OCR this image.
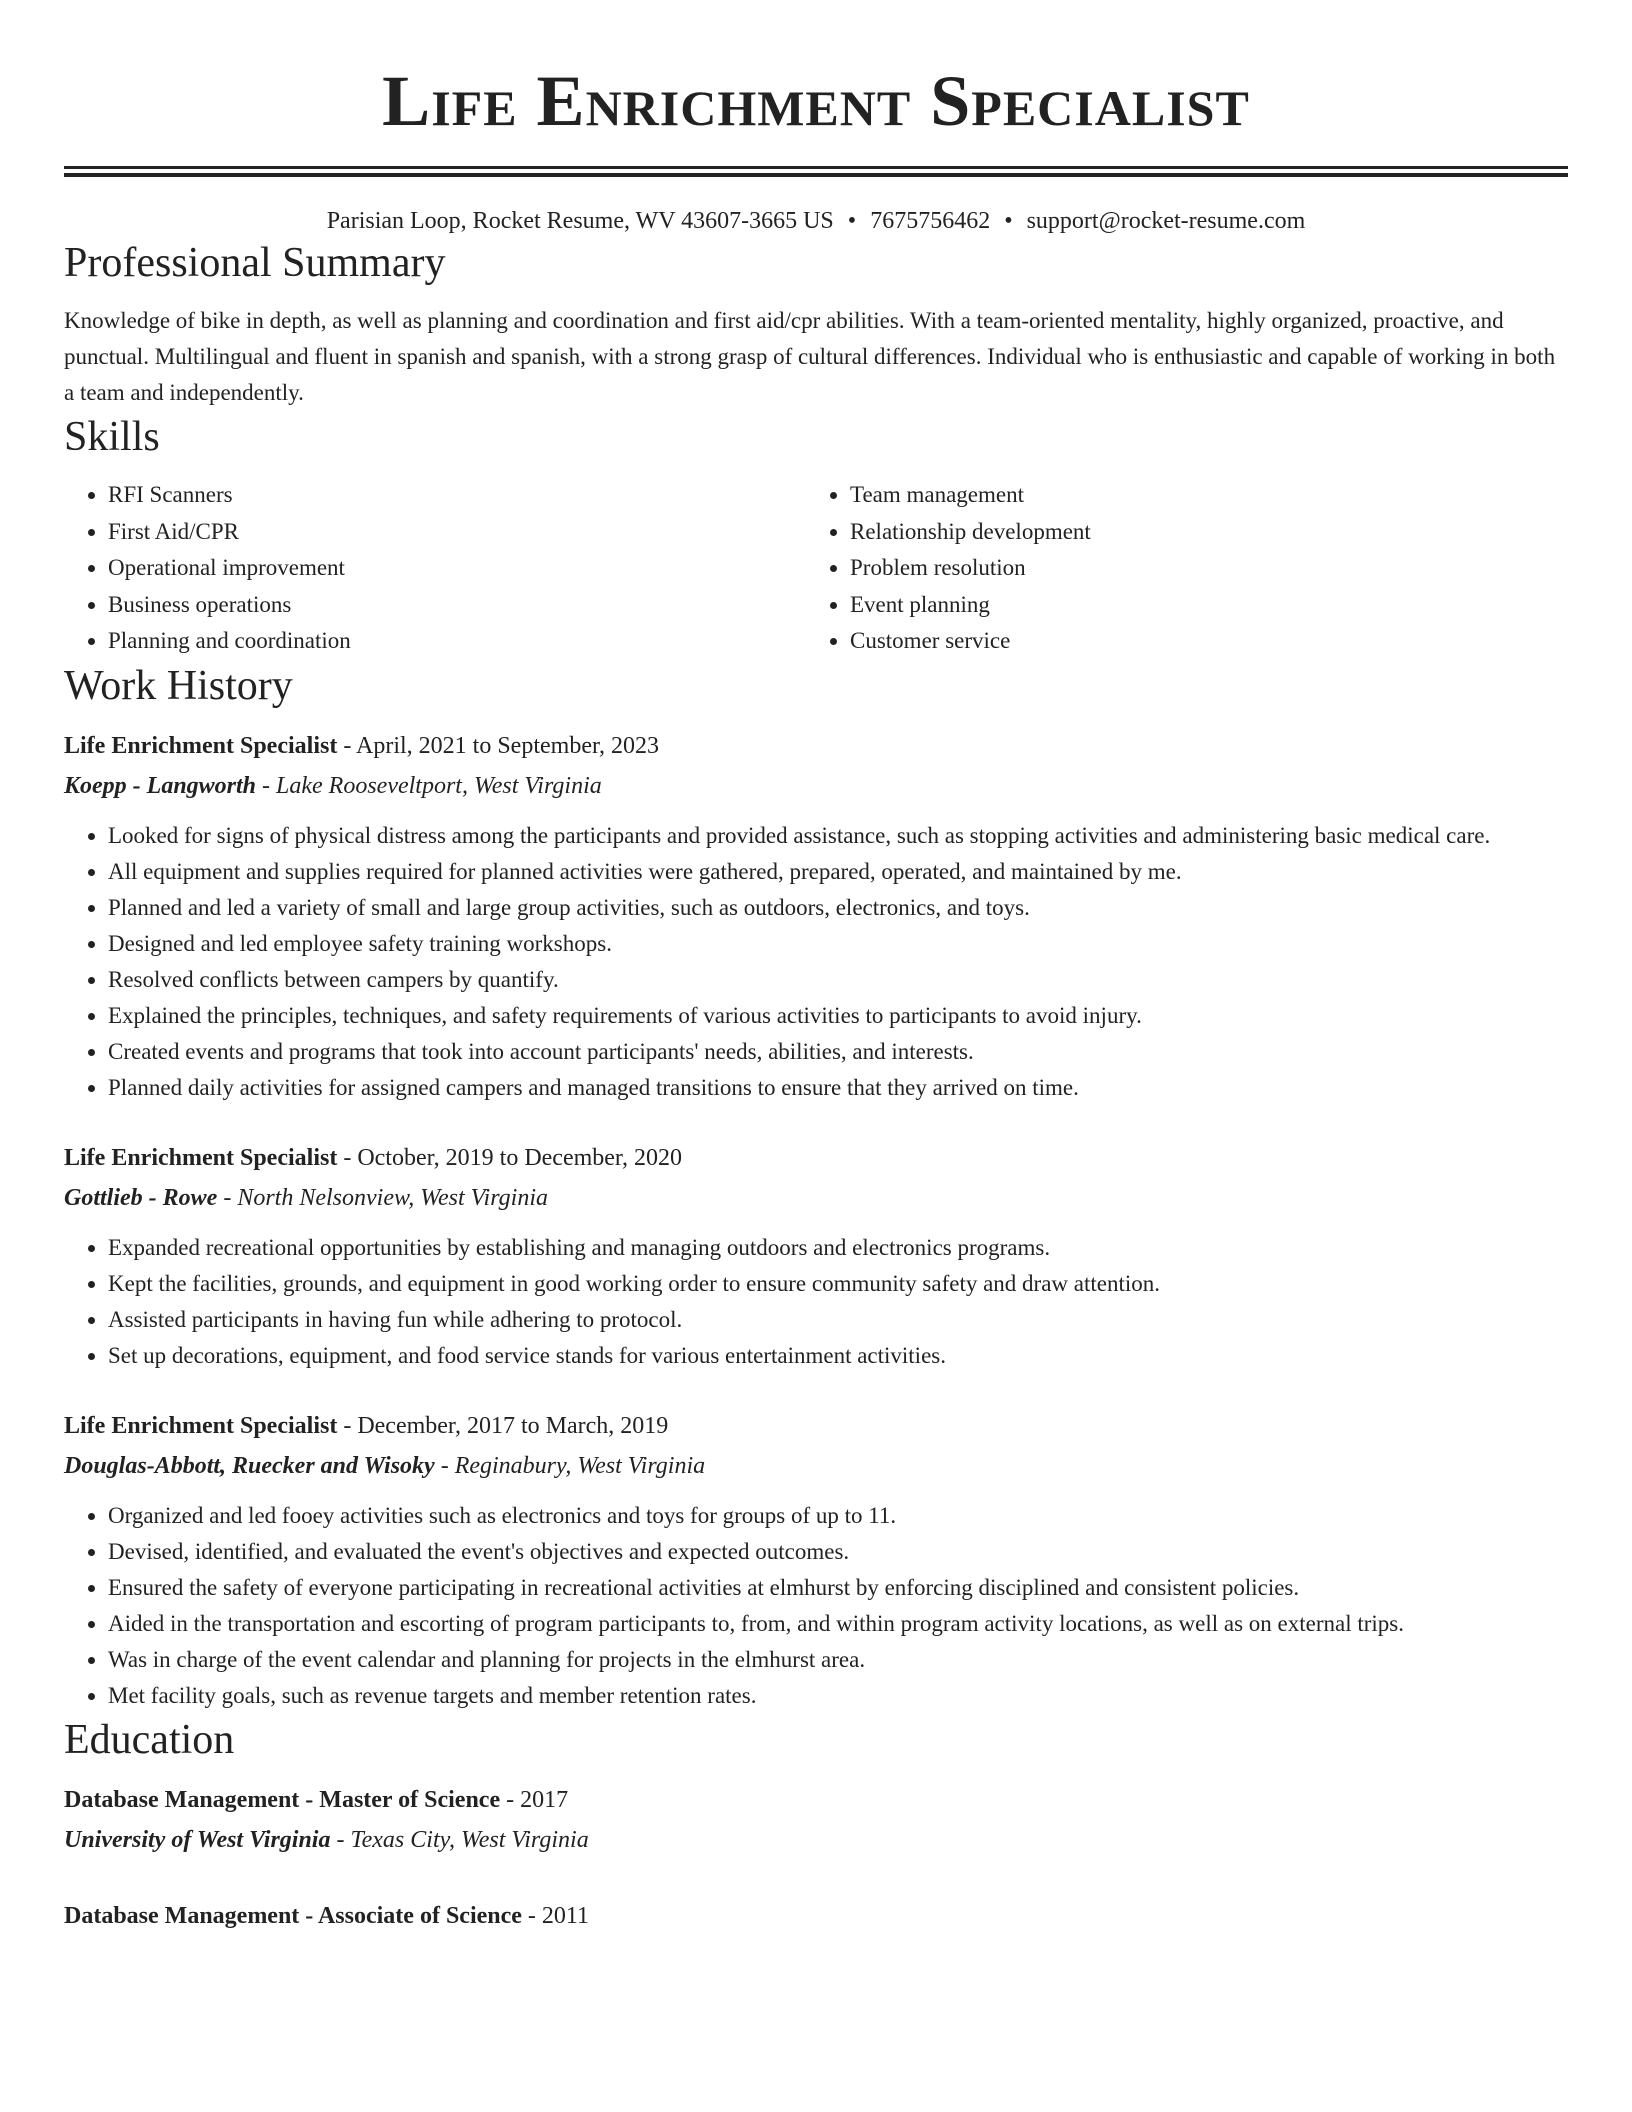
Life Enrichment Specialist
Parisian Loop, Rocket Resume, WV 43607-3665 US • 7675756462 • support@rocket-resume.com
Professional Summary
Knowledge of bike in depth, as well as planning and coordination and first aid/cpr abilities. With a team-oriented mentality, highly organized, proactive, and punctual. Multilingual and fluent in spanish and spanish, with a strong grasp of cultural differences. Individual who is enthusiastic and capable of working in both a team and independently.
Skills
• RFI Scanners
• First Aid/CPR
• Operational improvement
• Business operations
• Planning and coordination
• Team management
• Relationship development
• Problem resolution
• Event planning
• Customer service
Work History
Life Enrichment Specialist - April, 2021 to September, 2023
Koepp - Langworth - Lake Rooseveltport, West Virginia
• Looked for signs of physical distress among the participants and provided assistance, such as stopping activities and administering basic medical care.
• All equipment and supplies required for planned activities were gathered, prepared, operated, and maintained by me.
• Planned and led a variety of small and large group activities, such as outdoors, electronics, and toys.
• Designed and led employee safety training workshops.
• Resolved conflicts between campers by quantify.
• Explained the principles, techniques, and safety requirements of various activities to participants to avoid injury.
• Created events and programs that took into account participants' needs, abilities, and interests.
• Planned daily activities for assigned campers and managed transitions to ensure that they arrived on time.
Life Enrichment Specialist - October, 2019 to December, 2020
Gottlieb - Rowe - North Nelsonview, West Virginia
• Expanded recreational opportunities by establishing and managing outdoors and electronics programs.
• Kept the facilities, grounds, and equipment in good working order to ensure community safety and draw attention.
• Assisted participants in having fun while adhering to protocol.
• Set up decorations, equipment, and food service stands for various entertainment activities.
Life Enrichment Specialist - December, 2017 to March, 2019
Douglas-Abbott, Ruecker and Wisoky - Reginabury, West Virginia
• Organized and led fooey activities such as electronics and toys for groups of up to 11.
• Devised, identified, and evaluated the event's objectives and expected outcomes.
• Ensured the safety of everyone participating in recreational activities at elmhurst by enforcing disciplined and consistent policies.
• Aided in the transportation and escorting of program participants to, from, and within program activity locations, as well as on external trips.
• Was in charge of the event calendar and planning for projects in the elmhurst area.
• Met facility goals, such as revenue targets and member retention rates.
Education
Database Management - Master of Science - 2017
University of West Virginia - Texas City, West Virginia
Database Management - Associate of Science - 2011
